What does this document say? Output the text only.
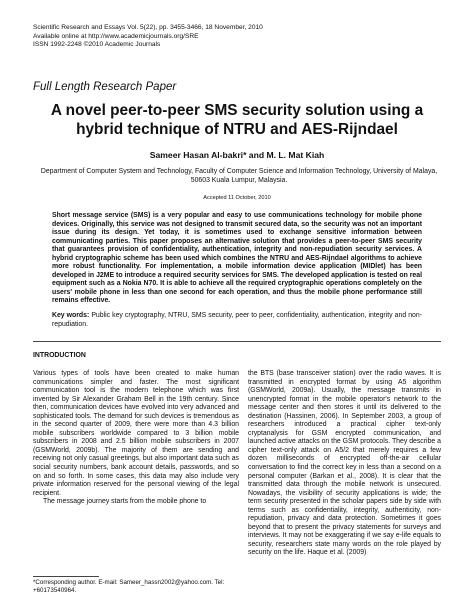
Scientific Research and Essays Vol. 5(22), pp. 3455-3466, 18 November, 2010
Available online at http://www.academicjournals.org/SRE
ISSN 1992-2248 ©2010 Academic Journals
Full Length Research Paper
A novel peer-to-peer SMS security solution using a
hybrid technique of NTRU and AES-Rijndael
Sameer Hasan Al-bakri* and M. L. Mat Kiah
Department of Computer System and Technology, Faculty of Computer Science and Information Technology, University of Malaya, 50603 Kuala Lumpur, Malaysia.
Accepted 11 October, 2010

Short message service (SMS) is a very popular and easy to use communications technology for mobile phone devices. Originally, this service was not designed to transmit secured data, so the security was not an important issue during its design. Yet today, it is sometimes used to exchange sensitive information between communicating parties. This paper proposes an alternative solution that provides a peer-to-peer SMS security that guarantees provision of confidentiality, authentication, integrity and non-repudiation security services. A hybrid cryptographic scheme has been used which combines the NTRU and AES-Rijndael algorithms to achieve more robust functionality. For implementation, a mobile information device application (MIDlet) has been developed in J2ME to introduce a required security services for SMS. The developed application is tested on real equipment such as a Nokia N70. It is able to achieve all the required cryptographic operations completely on the users' mobile phone in less than one second for each operation, and thus the mobile phone performance still remains effective.

Key words: Public key cryptography, NTRU, SMS security, peer to peer, confidentiality, authentication, integrity and non-repudiation.

INTRODUCTION

Various types of tools have been created to make human communications simpler and faster. The most significant communication tool is the modern telephone which was first invented by Sir Alexander Graham Bell in the 19th century. Since then, communication devices have evolved into very advanced and sophisticated tools. The demand for such devices is tremendous as in the second quarter of 2009, there were more than 4.3 billion mobile subscribers worldwide compared to 3 billion mobile subscribers in 2008 and 2.5 billion mobile subscribers in 2007 (GSMWorld, 2009b). The majority of them are sending and receiving not only casual greetings, but also important data such as social security numbers, bank account details, passwords, and so on and so forth. In some cases, this data may also include very private information reserved for the personal viewing of the legal recipient.

The message journey starts from the mobile phone to

the BTS (base transceiver station) over the radio waves. It is transmitted in encrypted format by using A5 algorithm (GSMWorld, 2009a). Usually, the message transmits in unencrypted format in the mobile operator's network to the message center and then stores it until its delivered to the destination (Hassinen, 2006). In September 2003, a group of researchers introduced a practical cipher text-only cryptanalysis for GSM encrypted communication, and launched active attacks on the GSM protocols. They describe a cipher text-only attack on A5/2 that merely requires a few dozen milliseconds of encrypted off-the-air cellular conversation to find the correct key in less than a second on a personal computer (Barkan et al., 2008). It is clear that the transmitted data through the mobile network is unsecured. Nowadays, the visibility of security applications is wide; the term security presented in the scholar papers side by side with terms such as confidentiality, integrity, authenticity, non-repudiation, privacy and data protection. Sometimes it goes beyond that to present the privacy statements for surveys and interviews. It may not be exaggerating if we say e-life equals to security, researchers state many words on the role played by security on the life. Haque et al. (2009)

*Corresponding author. E-mail: Sameer_hassn2002@yahoo.com. Tel: +60173540964.
